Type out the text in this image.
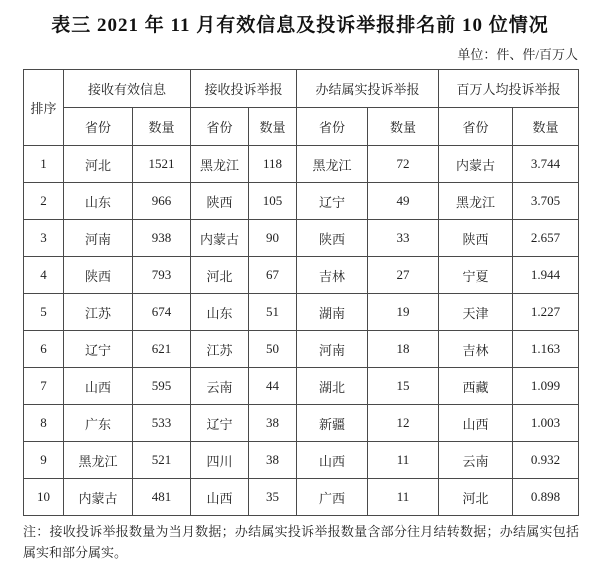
表三 2021 年 11 月有效信息及投诉举报排名前 10 位情况
单位：件、件/百万人
排序	接收有效信息		接收投诉举报		办结属实投诉举报		百万人均投诉举报	
	省份	数量	省份	数量	省份	数量	省份	数量
1	河北	1521	黑龙江	118	黑龙江	72	内蒙古	3.744
2	山东	966	陕西	105	辽宁	49	黑龙江	3.705
3	河南	938	内蒙古	90	陕西	33	陕西	2.657
4	陕西	793	河北	67	吉林	27	宁夏	1.944
5	江苏	674	山东	51	湖南	19	天津	1.227
6	辽宁	621	江苏	50	河南	18	吉林	1.163
7	山西	595	云南	44	湖北	15	西藏	1.099
8	广东	533	辽宁	38	新疆	12	山西	1.003
9	黑龙江	521	四川	38	山西	11	云南	0.932
10	内蒙古	481	山西	35	广西	11	河北	0.898
注：接收投诉举报数量为当月数据；办结属实投诉举报数量含部分往月结转数据；办结属实包括属实和部分属实。
